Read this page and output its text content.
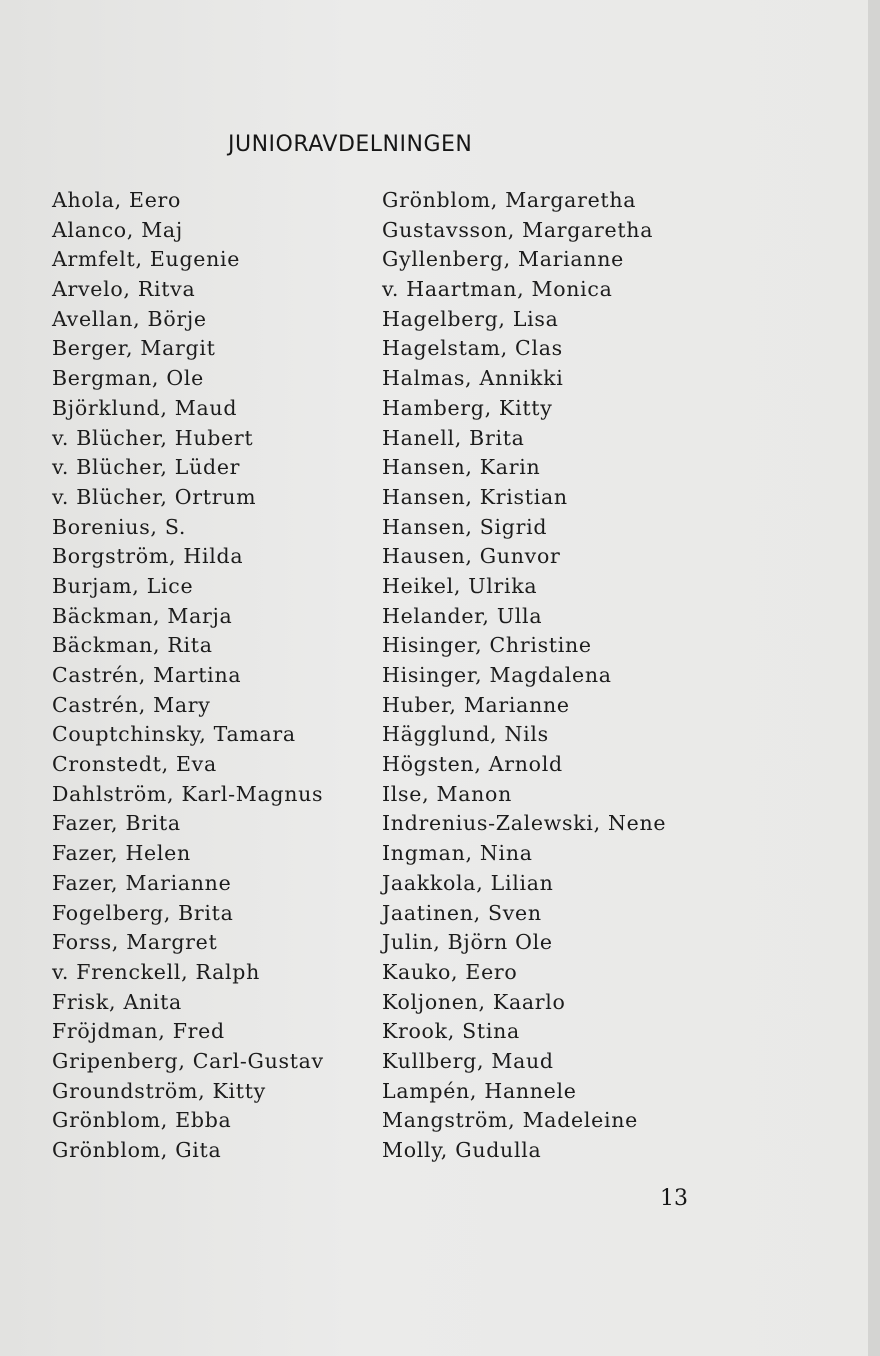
JUNIORAVDELNINGEN
Ahola, Eero
Alanco, Maj
Armfelt, Eugenie
Arvelo, Ritva
Avellan, Börje
Berger, Margit
Bergman, Ole
Björklund, Maud
v. Blücher, Hubert
v. Blücher, Lüder
v. Blücher, Ortrum
Borenius, S.
Borgström, Hilda
Burjam, Lice
Bäckman, Marja
Bäckman, Rita
Castrén, Martina
Castrén, Mary
Couptchinsky, Tamara
Cronstedt, Eva
Dahlström, Karl-Magnus
Fazer, Brita
Fazer, Helen
Fazer, Marianne
Fogelberg, Brita
Forss, Margret
v. Frenckell, Ralph
Frisk, Anita
Fröjdman, Fred
Gripenberg, Carl-Gustav
Groundström, Kitty
Grönblom, Ebba
Grönblom, Gita
Grönblom, Margaretha
Gustavsson, Margaretha
Gyllenberg, Marianne
v. Haartman, Monica
Hagelberg, Lisa
Hagelstam, Clas
Halmas, Annikki
Hamberg, Kitty
Hanell, Brita
Hansen, Karin
Hansen, Kristian
Hansen, Sigrid
Hausen, Gunvor
Heikel, Ulrika
Helander, Ulla
Hisinger, Christine
Hisinger, Magdalena
Huber, Marianne
Hägglund, Nils
Högsten, Arnold
Ilse, Manon
Indrenius-Zalewski, Nene
Ingman, Nina
Jaakkola, Lilian
Jaatinen, Sven
Julin, Björn Ole
Kauko, Eero
Koljonen, Kaarlo
Krook, Stina
Kullberg, Maud
Lampén, Hannele
Mangström, Madeleine
Molly, Gudulla
13
